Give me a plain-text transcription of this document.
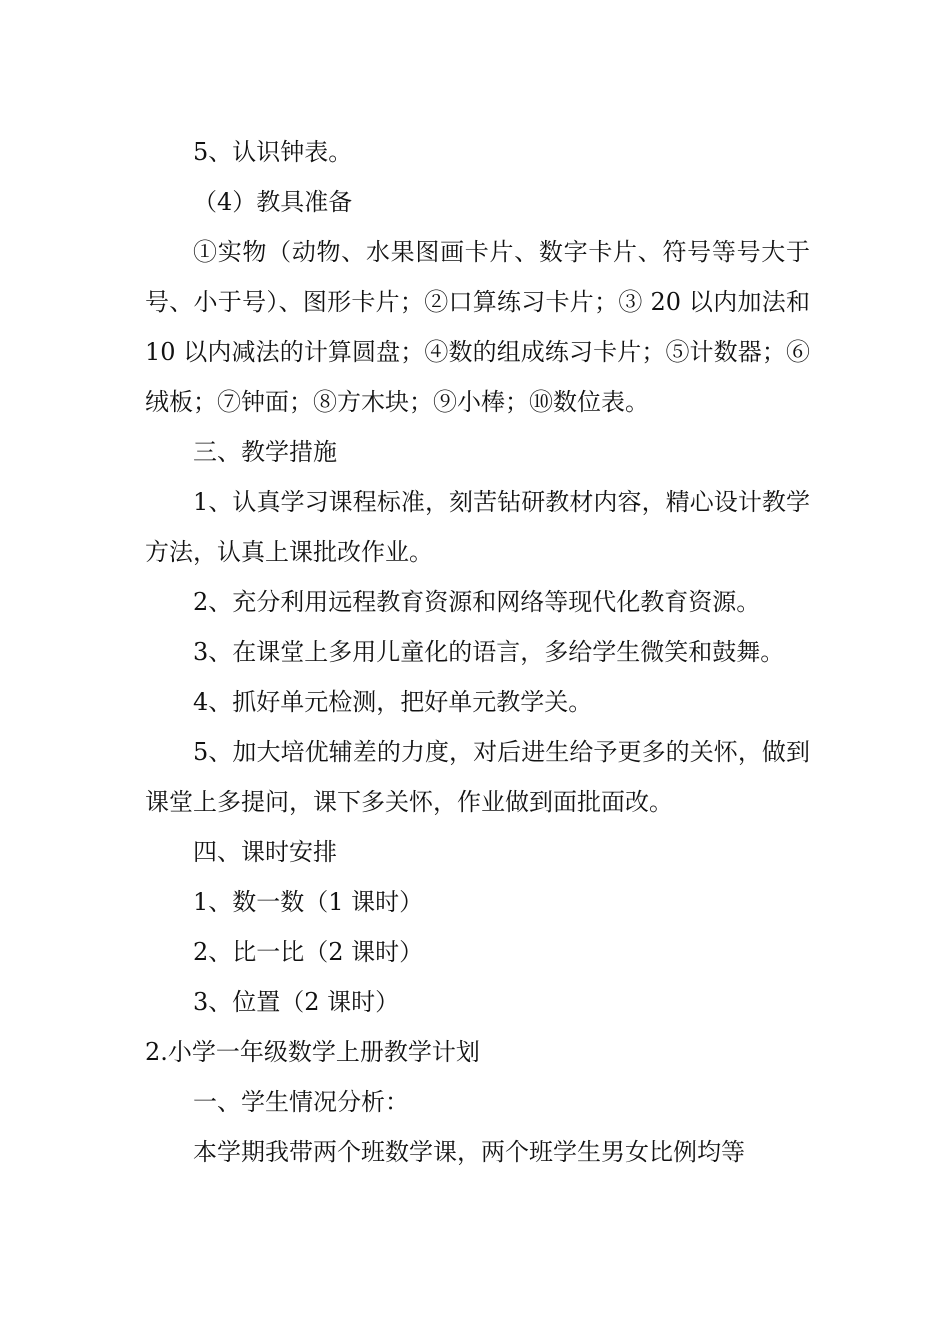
5、认识钟表。

（4）教具准备

①实物（动物、水果图画卡片、数字卡片、符号等号大于号、小于号）、图形卡片；②口算练习卡片；③ 20 以内加法和 10 以内减法的计算圆盘；④数的组成练习卡片；⑤计数器；⑥绒板；⑦钟面；⑧方木块；⑨小棒；⑩数位表。

三、教学措施

1、认真学习课程标准，刻苦钻研教材内容，精心设计教学方法，认真上课批改作业。

2、充分利用远程教育资源和网络等现代化教育资源。

3、在课堂上多用儿童化的语言，多给学生微笑和鼓舞。

4、抓好单元检测，把好单元教学关。

5、加大培优辅差的力度，对后进生给予更多的关怀，做到课堂上多提问，课下多关怀，作业做到面批面改。

四、课时安排

1、数一数（1 课时）

2、比一比（2 课时）

3、位置（2 课时）

2.小学一年级数学上册教学计划

一、学生情况分析：

本学期我带两个班数学课，两个班学生男女比例均等
